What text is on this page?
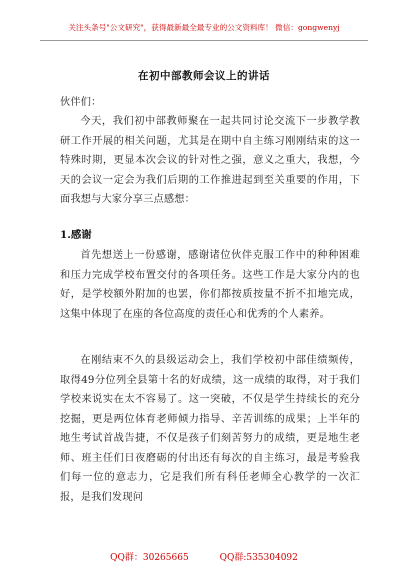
关注头条号"公文研究"，获得最新最全最专业的公文资料库！ 微信：gongwenyj
在初中部教师会议上的讲话
伙伴们：
今天，我们初中部教师聚在一起共同讨论交流下一步教学教研工作开展的相关问题，尤其是在期中自主练习刚刚结束的这一特殊时期，更显本次会议的针对性之强，意义之重大，我想，今天的会议一定会为我们后期的工作推进起到至关重要的作用，下面我想与大家分享三点感想：
1.感谢
首先想送上一份感谢，感谢诸位伙伴克服工作中的种种困难和压力完成学校布置交付的各项任务。这些工作是大家分内的也好，是学校额外附加的也罢，你们都按质按量不折不扣地完成，这集中体现了在座的各位高度的责任心和优秀的个人素养。
在刚结束不久的县级运动会上，我们学校初中部佳绩频传，取得49分位列全县第十名的好成绩，这一成绩的取得，对于我们学校来说实在太不容易了。这一突破，不仅是学生持续长的充分挖掘，更是两位体育老师倾力指导、辛苦训练的成果；上半年的地生考试首战告捷，不仅是孩子们刻苦努力的成绩，更是地生老师、班主任们日夜磨砺的付出还有每次的自主练习，最是考验我们每一位的意志力，它是我们所有科任老师全心教学的一次汇报，是我们发现问
QQ群：30265665	QQ群:535304092
